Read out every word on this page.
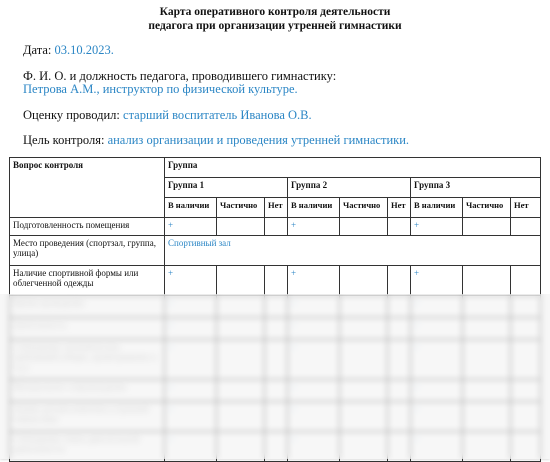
Карта оперативного контроля деятельности
педагога при организации утренней гимнастики
Дата: 03.10.2023.
Ф. И. О. и должность педагога, проводившего гимнастику:
Петрова А.М., инструктор по физической культуре.
Оценку проводил: старший воспитатель Иванова О.В.
Цель контроля: анализ организации и проведения утренней гимнастики.
Вопрос контроля	Группа								
	Группа 1			Группа 2			Группа 3		
	В наличии	Частично	Нет	В наличии	Частично	Нет	В наличии	Частично	Нет
Подготовленность помещения	+			+			+		
Место проведения (спортзал, группа, улица)	Спортивный зал								
Наличие спортивной формы или облегченной одежды	+			+			+		
